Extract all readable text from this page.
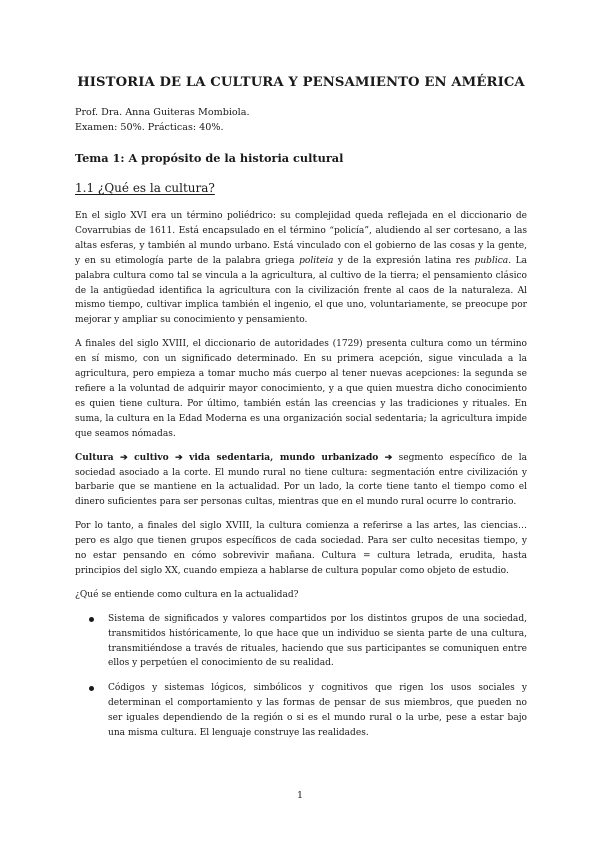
HISTORIA DE LA CULTURA Y PENSAMIENTO EN AMÉRICA
Prof. Dra. Anna Guiteras Mombiola.
Examen: 50%. Prácticas: 40%.
Tema 1: A propósito de la historia cultural
1.1 ¿Qué es la cultura?

En el siglo XVI era un término poliédrico: su complejidad queda reflejada en el diccionario de Covarrubias de 1611. Está encapsulado en el término “policía”, aludiendo al ser cortesano, a las altas esferas, y también al mundo urbano. Está vinculado con el gobierno de las cosas y la gente, y en su etimología parte de la palabra griega politeia y de la expresión latina res publica. La palabra cultura como tal se vincula a la agricultura, al cultivo de la tierra; el pensamiento clásico de la antigüedad identifica la agricultura con la civilización frente al caos de la naturaleza. Al mismo tiempo, cultivar implica también el ingenio, el que uno, voluntariamente, se preocupe por mejorar y ampliar su conocimiento y pensamiento.

A finales del siglo XVIII, el diccionario de autoridades (1729) presenta cultura como un término en sí mismo, con un significado determinado. En su primera acepción, sigue vinculada a la agricultura, pero empieza a tomar mucho más cuerpo al tener nuevas acepciones: la segunda se refiere a la voluntad de adquirir mayor conocimiento, y a que quien muestra dicho conocimiento es quien tiene cultura. Por último, también están las creencias y las tradiciones y rituales. En suma, la cultura en la Edad Moderna es una organización social sedentaria; la agricultura impide que seamos nómadas.

Cultura ➔ cultivo ➔ vida sedentaria, mundo urbanizado ➔ segmento específico de la sociedad asociado a la corte. El mundo rural no tiene cultura: segmentación entre civilización y barbarie que se mantiene en la actualidad. Por un lado, la corte tiene tanto el tiempo como el dinero suficientes para ser personas cultas, mientras que en el mundo rural ocurre lo contrario.

Por lo tanto, a finales del siglo XVIII, la cultura comienza a referirse a las artes, las ciencias… pero es algo que tienen grupos específicos de cada sociedad. Para ser culto necesitas tiempo, y no estar pensando en cómo sobrevivir mañana. Cultura = cultura letrada, erudita, hasta principios del siglo XX, cuando empieza a hablarse de cultura popular como objeto de estudio.

¿Qué se entiende como cultura en la actualidad?

Sistema de significados y valores compartidos por los distintos grupos de una sociedad, transmitidos históricamente, lo que hace que un individuo se sienta parte de una cultura, transmitiéndose a través de rituales, haciendo que sus participantes se comuniquen entre ellos y perpetúen el conocimiento de su realidad.

Códigos y sistemas lógicos, simbólicos y cognitivos que rigen los usos sociales y determinan el comportamiento y las formas de pensar de sus miembros, que pueden no ser iguales dependiendo de la región o si es el mundo rural o la urbe, pese a estar bajo una misma cultura. El lenguaje construye las realidades.

1
